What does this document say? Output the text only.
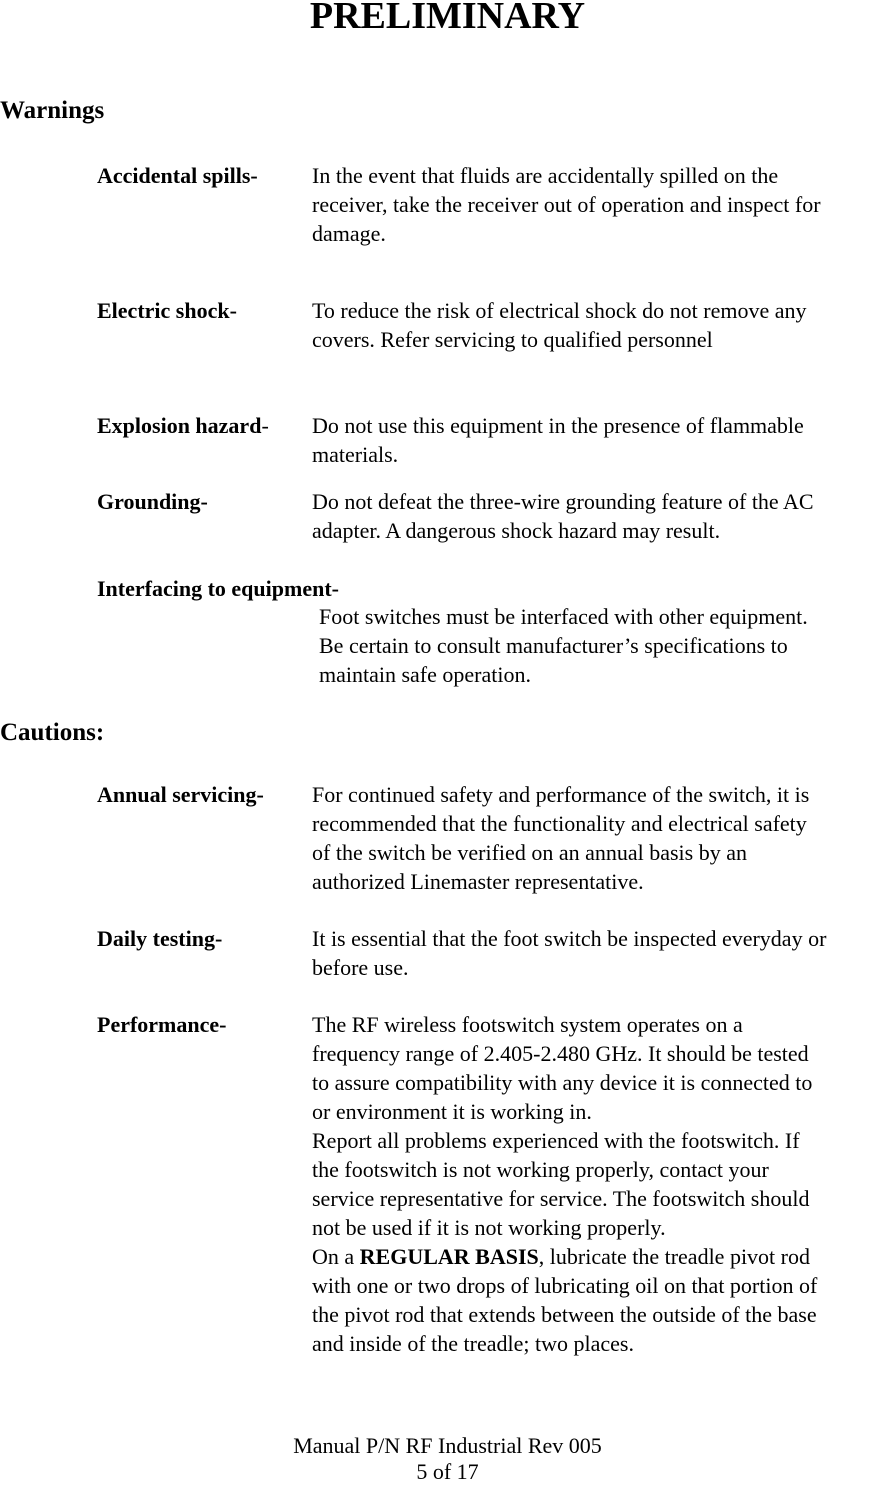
PRELIMINARY
Warnings
Accidental spills- In the event that fluids are accidentally spilled on the
receiver, take the receiver out of operation and inspect for
damage.
Electric shock-	To reduce the risk of electrical shock do not remove any
covers. Refer servicing to qualified personnel
Explosion hazard- Do not use this equipment in the presence of flammable
materials.
Grounding-	Do not defeat the three-wire grounding feature of the AC
adapter. A dangerous shock hazard may result.
Interfacing to equipment-
Foot switches must be interfaced with other equipment.
Be certain to consult manufacturer’s specifications to
maintain safe operation.
Cautions:
Annual servicing- For continued safety and performance of the switch, it is
recommended that the functionality and electrical safety
of the switch be verified on an annual basis by an
authorized Linemaster representative.
Daily testing-	It is essential that the foot switch be inspected everyday or
before use.
Performance-	The RF wireless footswitch system operates on a
frequency range of 2.405-2.480 GHz. It should be tested
to assure compatibility with any device it is connected to
or environment it is working in.
Report all problems experienced with the footswitch. If
the footswitch is not working properly, contact your
service representative for service. The footswitch should
not be used if it is not working properly.
On a REGULAR BASIS, lubricate the treadle pivot rod
with one or two drops of lubricating oil on that portion of
the pivot rod that extends between the outside of the base
and inside of the treadle; two places.
Manual P/N RF Industrial Rev 005
5 of 17
